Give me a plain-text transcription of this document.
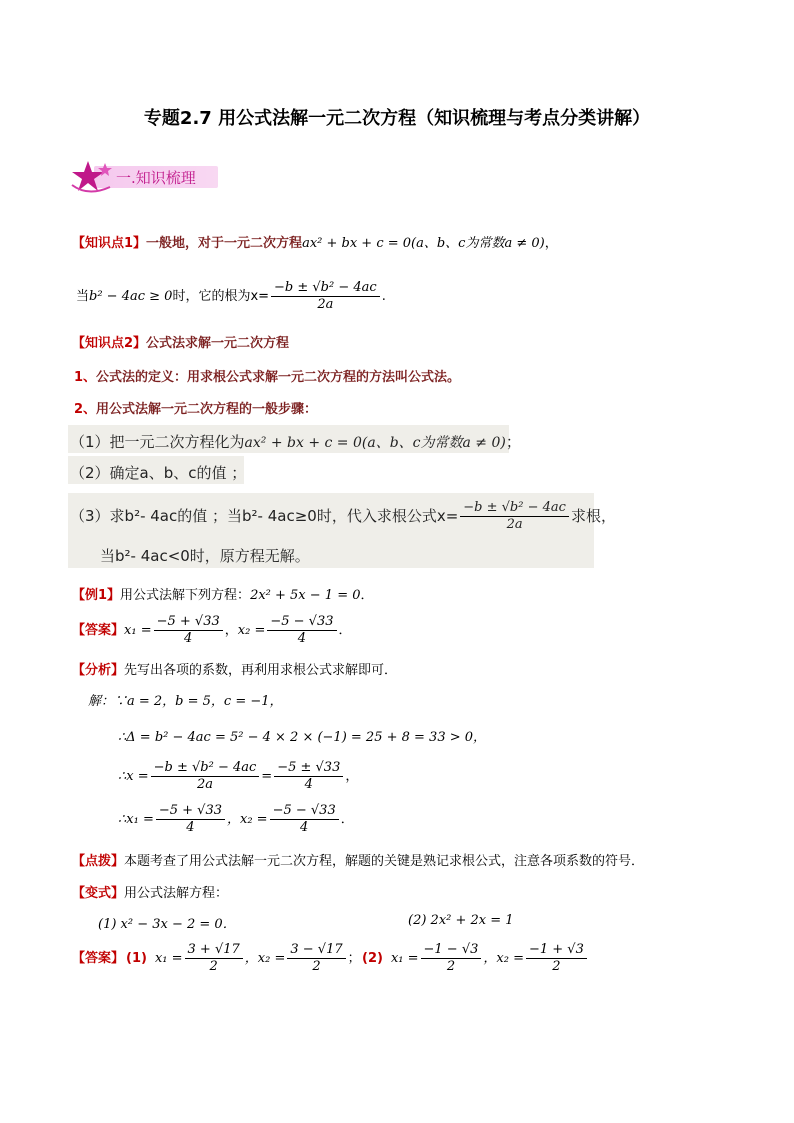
专题2.7 用公式法解一元二次方程（知识梳理与考点分类讲解）
一.知识梳理
【知识点1】一般地，对于一元二次方程ax² + bx + c = 0(a、b、c为常数a ≠ 0)，
当b² − 4ac ≥ 0时，它的根为$x= \frac{\text{−b ± √b² − 4ac}}{2a}$ .
【知识点2】公式法求解一元二次方程
1、公式法的定义：用求根公式求解一元二次方程的方法叫公式法。
2、用公式法解一元二次方程的一般步骤：
（1）把一元二次方程化为ax² + bx + c = 0(a、b、c为常数a ≠ 0)；
（2）确定a、b、c的值 ；
（3）求b²- 4ac的值 ；当b²- 4ac≥0时，代入求根公式$x= \frac{\text{−b ± √b² − 4ac}}{2a}$ 求根，
当b²- 4ac<0时，原方程无解。
【例1】用公式法解下列方程：2x² + 5x − 1 = 0．
【答案】$x_1 = \frac{-5 + √33}{4}$ ，$x_2 = \frac{-5 - √33}{4}$ ．
【分析】先写出各项的系数，再利用求根公式求解即可．
解：∵a = 2，b = 5，c = −1，
∴Δ = b² − 4ac = 5² − 4 × 2 × (−1) = 25 + 8 = 33 > 0，
∴x = $\frac{\text{−b ± √b² − 4ac}}{2a} = \frac{-5 \pm √33}{4}$ ，
∴x₁ = $\frac{-5 + √33}{4}$ ，$x_2 = \frac{-5 - √33}{4}$ ．
【点拨】本题考查了用公式法解一元二次方程，解题的关键是熟记求根公式，注意各项系数的符号．
【变式】用公式法解方程：
(1) x² − 3x − 2 = 0．	(2) 2x² + 2x = 1
【答案】 (1) $x_1 = \frac{3 + √17}{2}$ ，$x_2 = \frac{3 - √17}{2}$ ； (2) $x_1 = \frac{-1 - √3}{2}$ ，$x_2 = \frac{-1 + √3}{2}$
